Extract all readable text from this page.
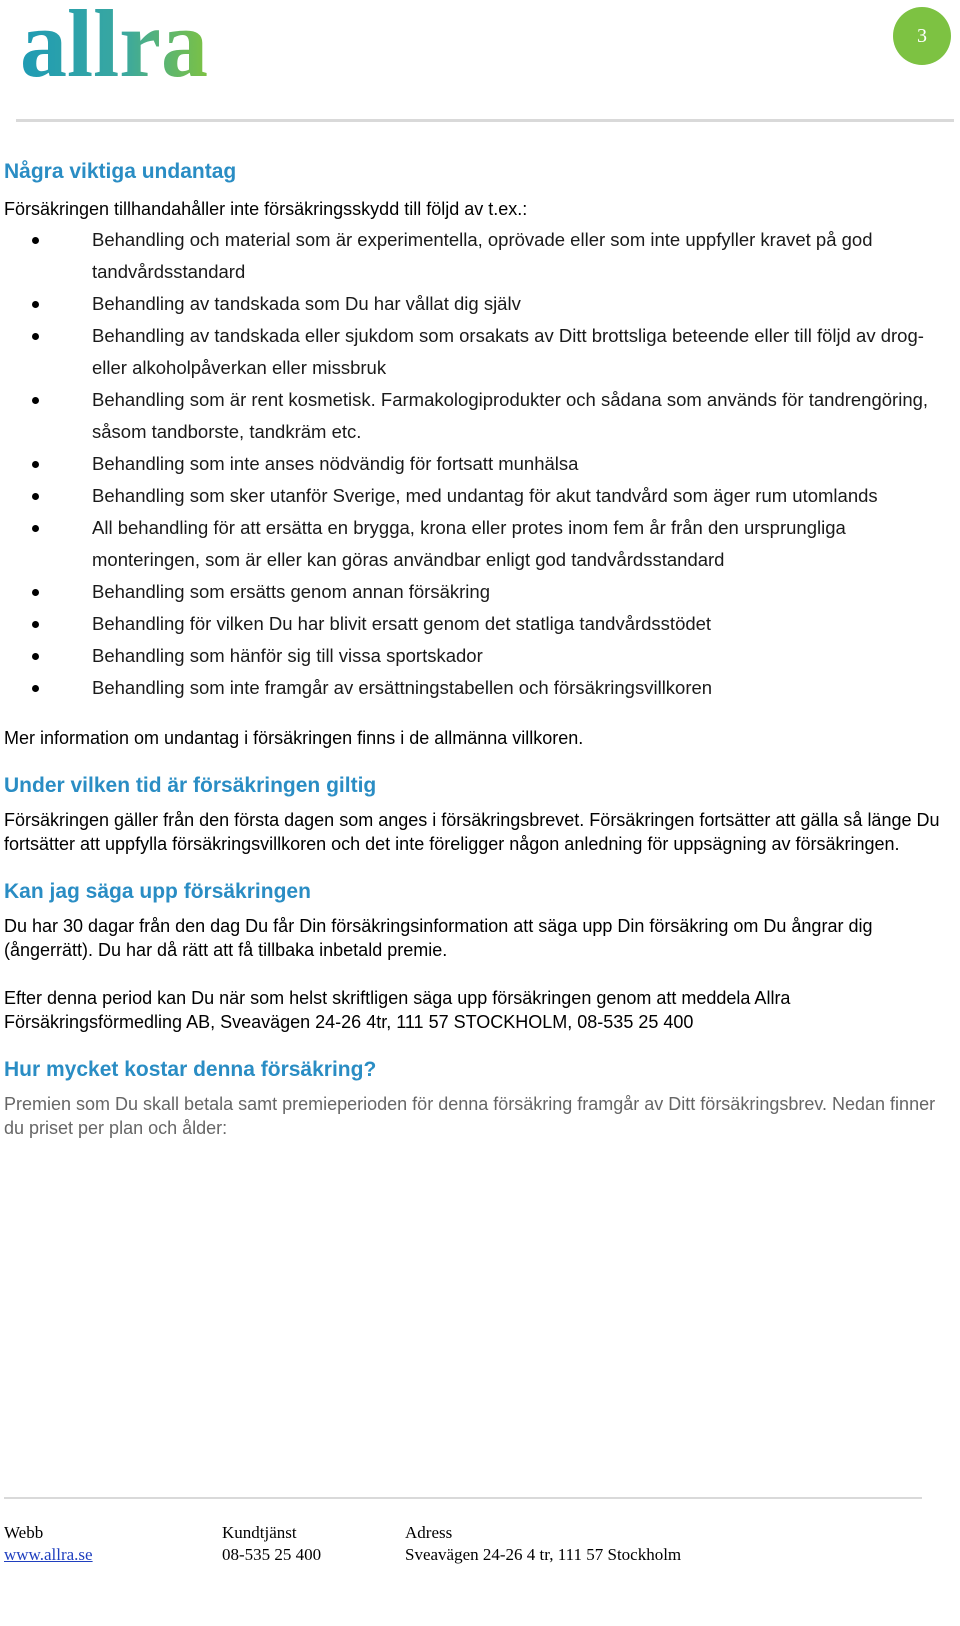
allra	3
Några viktiga undantag

Försäkringen tillhandahåller inte försäkringsskydd till följd av t.ex.:

Behandling och material som är experimentella, oprövade eller som inte uppfyller kravet på god tandvårdsstandard
Behandling av tandskada som Du har vållat dig själv
Behandling av tandskada eller sjukdom som orsakats av Ditt brottsliga beteende eller till följd av drog- eller alkoholpåverkan eller missbruk
Behandling som är rent kosmetisk. Farmakologiprodukter och sådana som används för tandrengöring, såsom tandborste, tandkräm etc.
Behandling som inte anses nödvändig för fortsatt munhälsa
Behandling som sker utanför Sverige, med undantag för akut tandvård som äger rum utomlands
All behandling för att ersätta en brygga, krona eller protes inom fem år från den ursprungliga monteringen, som är eller kan göras användbar enligt god tandvårdsstandard
Behandling som ersätts genom annan försäkring
Behandling för vilken Du har blivit ersatt genom det statliga tandvårdsstödet
Behandling som hänför sig till vissa sportskador
Behandling som inte framgår av ersättningstabellen och försäkringsvillkoren

Mer information om undantag i försäkringen finns i de allmänna villkoren.

Under vilken tid är försäkringen giltig

Försäkringen gäller från den första dagen som anges i försäkringsbrevet. Försäkringen fortsätter att gälla så länge Du fortsätter att uppfylla försäkringsvillkoren och det inte föreligger någon anledning för uppsägning av försäkringen.

Kan jag säga upp försäkringen

Du har 30 dagar från den dag Du får Din försäkringsinformation att säga upp Din försäkring om Du ångrar dig (ångerrätt). Du har då rätt att få tillbaka inbetald premie.

Efter denna period kan Du när som helst skriftligen säga upp försäkringen genom att meddela Allra Försäkringsförmedling AB, Sveavägen 24-26 4tr, 111 57 STOCKHOLM, 08-535 25 400

Hur mycket kostar denna försäkring?

Premien som Du skall betala samt premieperioden för denna försäkring framgår av Ditt försäkringsbrev. Nedan finner du priset per plan och ålder:

Webb
www.allra.se
Kundtjänst
08-535 25 400
Adress
Sveavägen 24-26 4 tr, 111 57 Stockholm
